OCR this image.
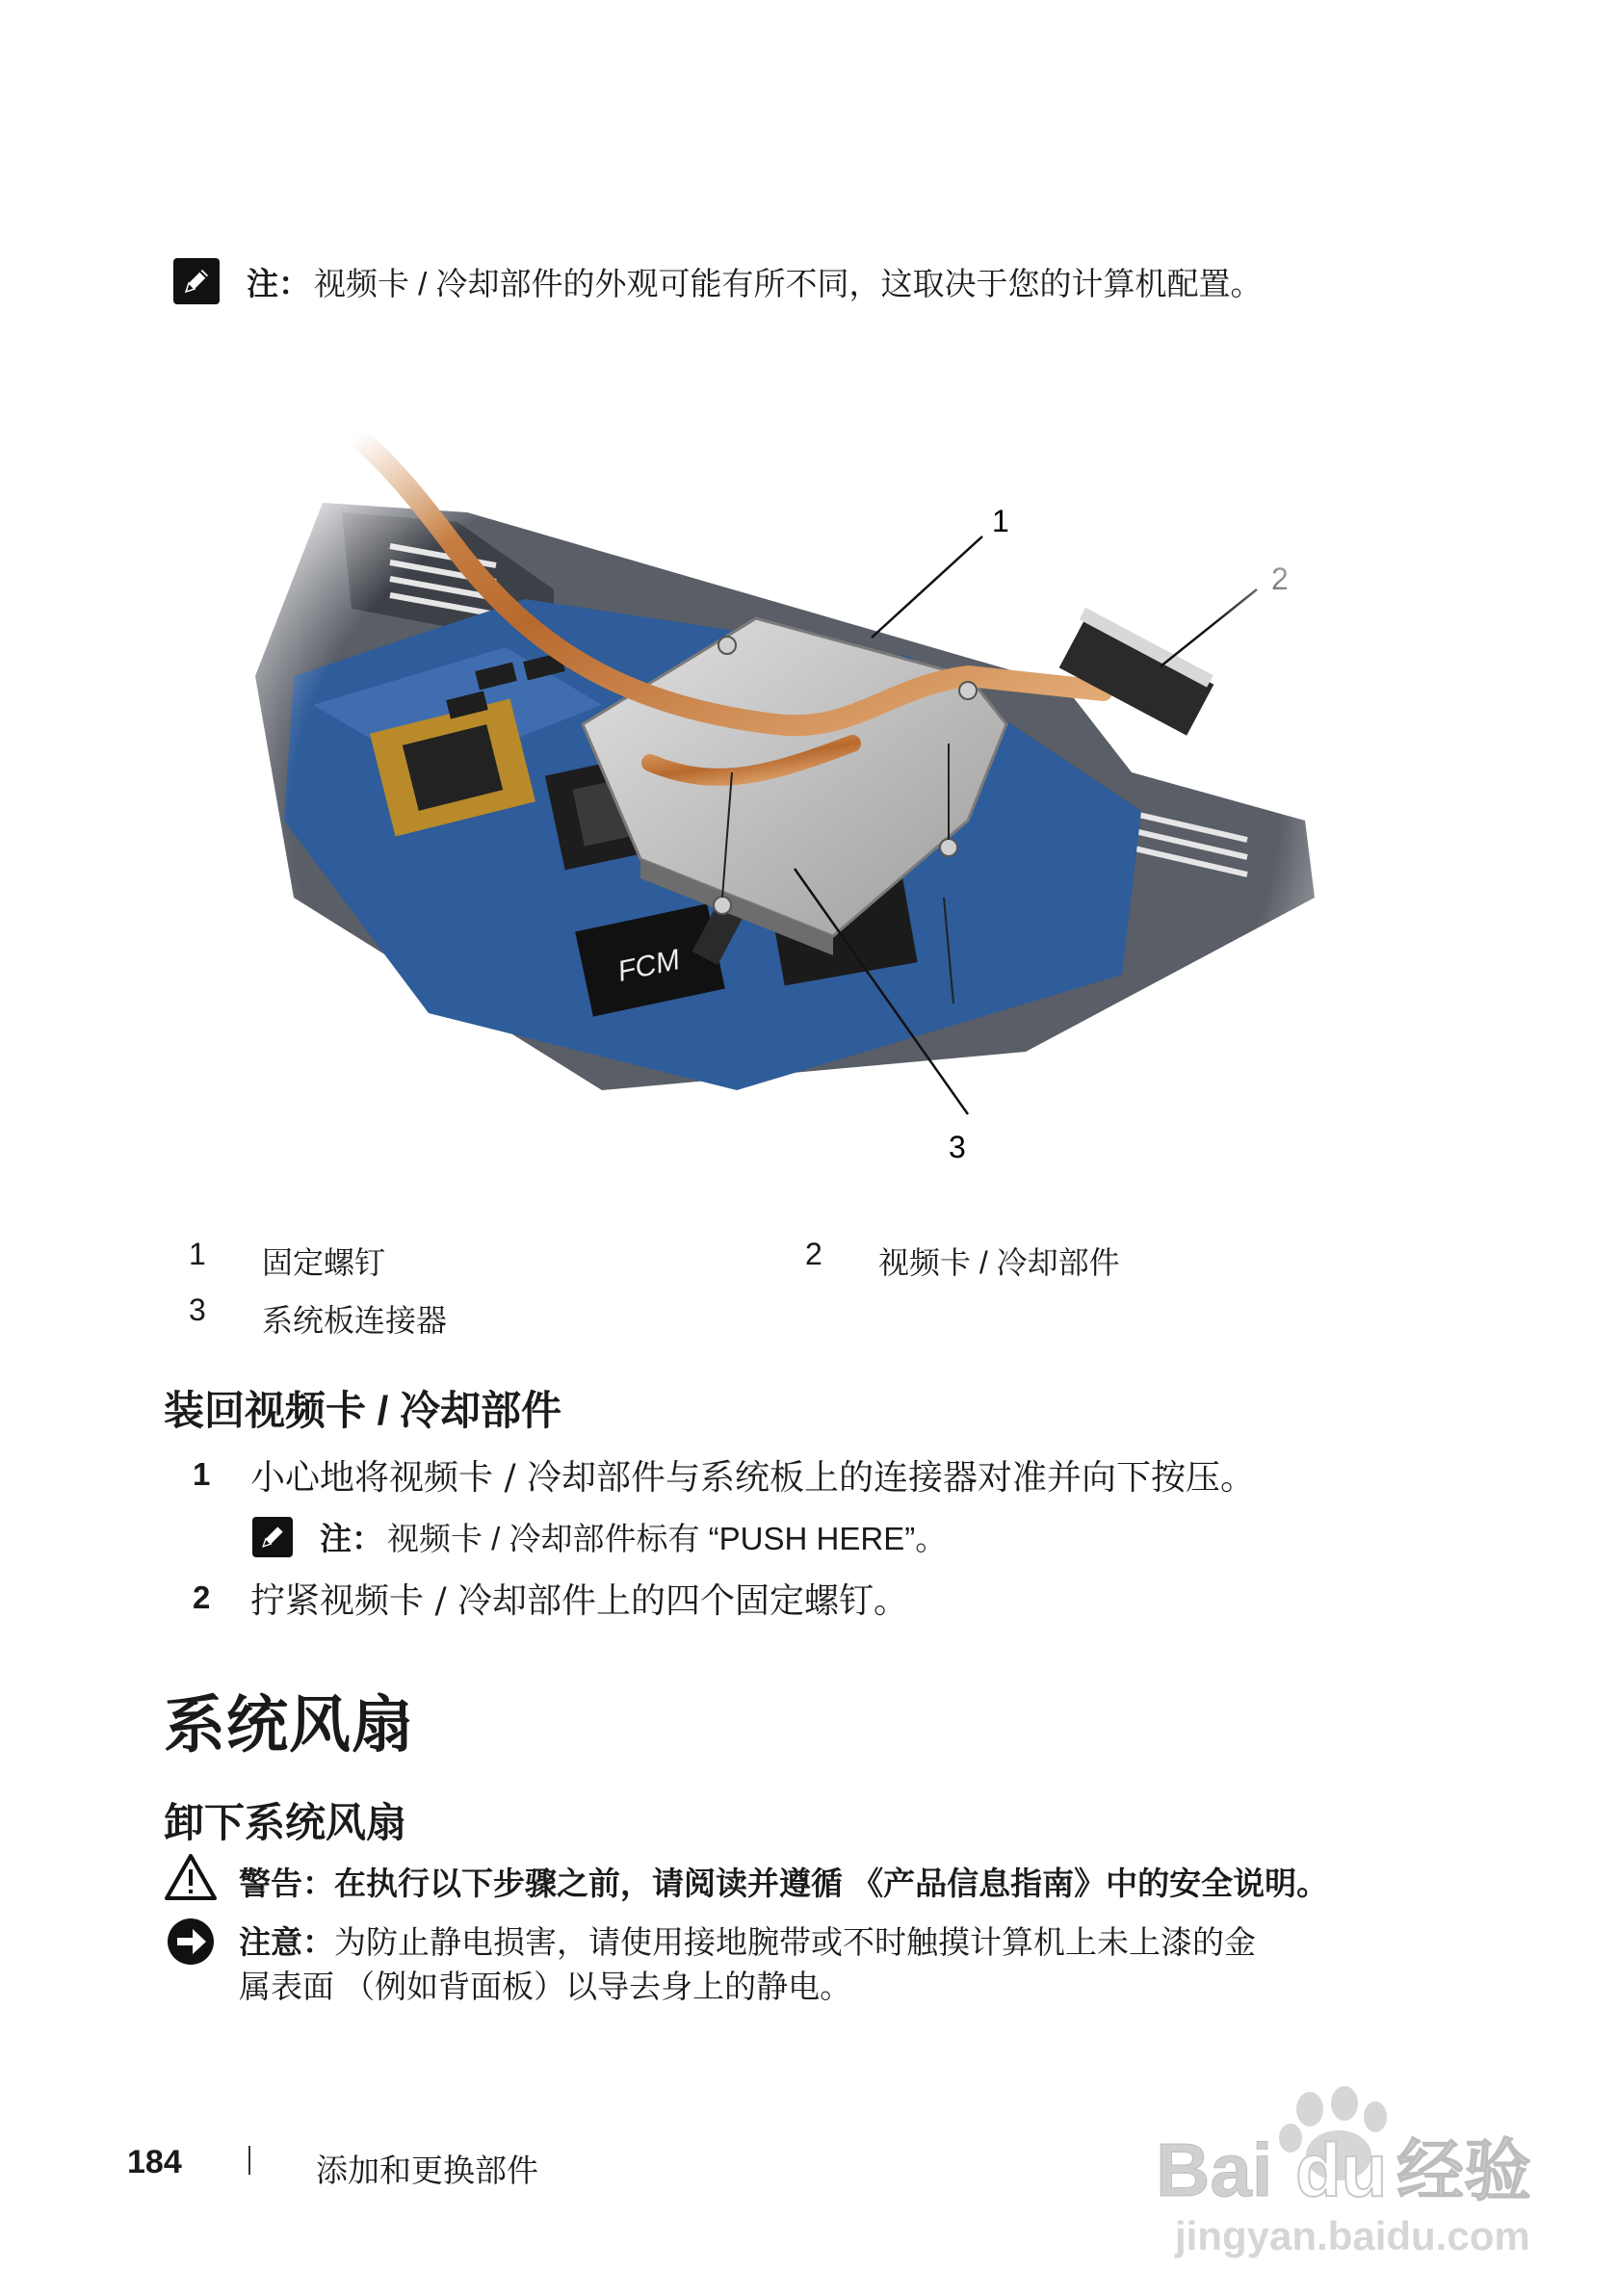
注： 视频卡 / 冷却部件的外观可能有所不同，这取决于您的计算机配置。
1 固定螺钉	2 视频卡 / 冷却部件
3 系统板连接器
装回视频卡 / 冷却部件
1 小心地将视频卡 / 冷却部件与系统板上的连接器对准并向下按压。
注： 视频卡 / 冷却部件标有 “PUSH HERE”。
2 拧紧视频卡 / 冷却部件上的四个固定螺钉。
系统风扇
卸下系统风扇
警告：在执行以下步骤之前，请阅读并遵循 《产品信息指南》中的安全说明。
注意：为防止静电损害，请使用接地腕带或不时触摸计算机上未上漆的金
属表面 （例如背面板）以导去身上的静电。
184	添加和更换部件	Bai du 经验
jingyan.baidu.com
